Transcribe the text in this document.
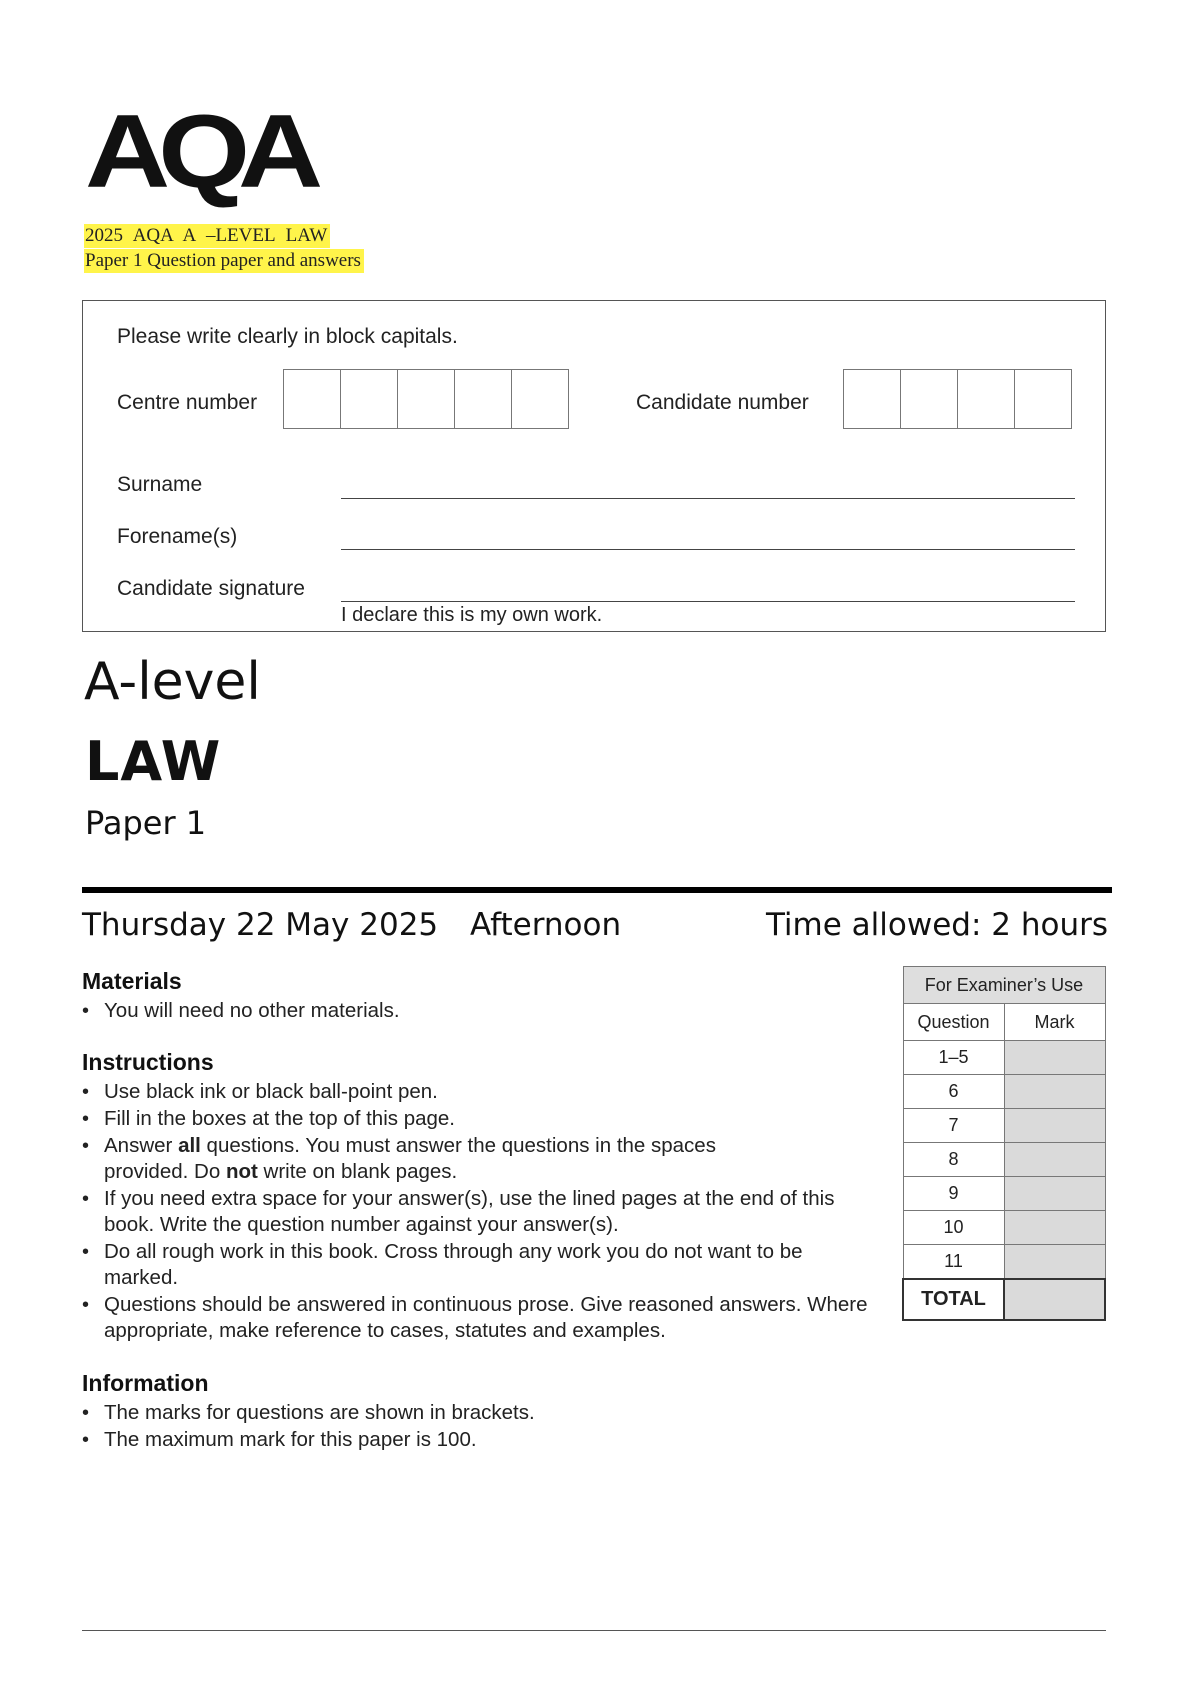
AQA
2025 AQA A –LEVEL LAW
Paper 1 Question paper and answers
Please write clearly in block capitals.
Centre number	Candidate number
Surname
Forename(s)
Candidate signature
I declare this is my own work.
A-level
LAW
Paper 1
Thursday 22 May 2025 Afternoon	Time allowed: 2 hours
Materials
• You will need no other materials.
Instructions
• Use black ink or black ball-point pen.
• Fill in the boxes at the top of this page.
• Answer all questions. You must answer the questions in the spaces
provided. Do not write on blank pages.
• If you need extra space for your answer(s), use the lined pages at the end of this book. Write the question number against your answer(s).
• Do all rough work in this book. Cross through any work you do not want to be marked.
• Questions should be answered in continuous prose. Give reasoned answers. Where appropriate, make reference to cases, statutes and examples.
Information
• The marks for questions are shown in brackets.
• The maximum mark for this paper is 100.
For Examiner’s Use	
Question	Mark
1–5	
6	
7	
8	
9	
10	
11	
TOTAL	
